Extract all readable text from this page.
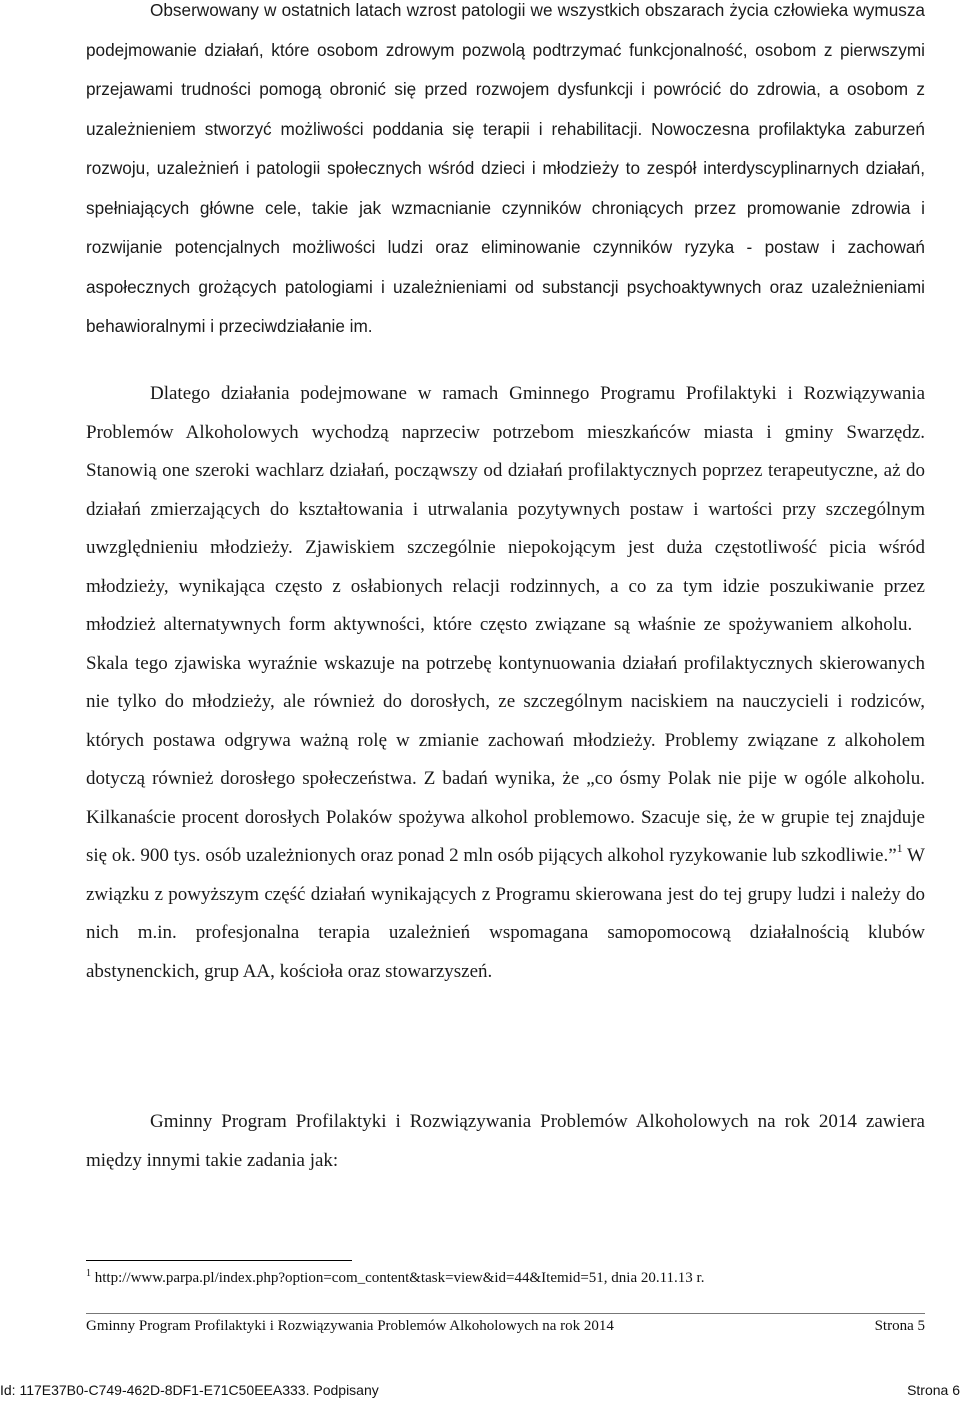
Obserwowany w ostatnich latach wzrost patologii we wszystkich obszarach życia człowieka wymusza podejmowanie działań, które osobom zdrowym pozwolą podtrzymać funkcjonalność, osobom z pierwszymi przejawami trudności pomogą obronić się przed rozwojem dysfunkcji i powrócić do zdrowia, a osobom z uzależnieniem stworzyć możliwości poddania się terapii i rehabilitacji. Nowoczesna profilaktyka zaburzeń rozwoju, uzależnień i patologii społecznych wśród dzieci i młodzieży to zespół interdyscyplinarnych działań, spełniających główne cele, takie jak wzmacnianie czynników chroniących przez promowanie zdrowia i rozwijanie potencjalnych możliwości ludzi oraz eliminowanie czynników ryzyka - postaw i zachowań aspołecznych grożących patologiami i uzależnieniami od substancji psychoaktywnych oraz uzależnieniami behawioralnymi i przeciwdziałanie im.

Dlatego działania podejmowane w ramach Gminnego Programu Profilaktyki i Rozwiązywania Problemów Alkoholowych wychodzą naprzeciw potrzebom mieszkańców miasta i gminy Swarzędz. Stanowią one szeroki wachlarz działań, począwszy od działań profilaktycznych poprzez terapeutyczne, aż do działań zmierzających do kształtowania i utrwalania pozytywnych postaw i wartości przy szczególnym uwzględnieniu młodzieży. Zjawiskiem szczególnie niepokojącym jest duża częstotliwość picia wśród młodzieży, wynikająca często z osłabionych relacji rodzinnych, a co za tym idzie poszukiwanie przez młodzież alternatywnych form aktywności, które często związane są właśnie ze spożywaniem alkoholu.   Skala tego zjawiska wyraźnie wskazuje na potrzebę kontynuowania działań profilaktycznych skierowanych nie tylko do młodzieży, ale również do dorosłych, ze szczególnym naciskiem na nauczycieli i rodziców, których postawa odgrywa ważną rolę w zmianie zachowań młodzieży. Problemy związane z alkoholem dotyczą również dorosłego społeczeństwa. Z badań wynika, że „co ósmy Polak nie pije w ogóle alkoholu. Kilkanaście procent dorosłych Polaków spożywa alkohol problemowo. Szacuje się, że w grupie tej znajduje się ok. 900 tys. osób uzależnionych oraz ponad 2 mln osób pijących alkohol ryzykowanie lub szkodliwie.”$^1$ W związku z powyższym część działań wynikających z Programu skierowana jest do tej grupy ludzi i należy do nich m.in. profesjonalna terapia uzależnień wspomagana samopomocową działalnością klubów abstynenckich, grup AA, kościoła oraz stowarzyszeń.

Gminny Program Profilaktyki i Rozwiązywania Problemów Alkoholowych na rok 2014 zawiera między innymi takie zadania jak:

$^1$ http://www.parpa.pl/index.php?option=com_content&task=view&id=44&Itemid=51, dnia 20.11.13 r.
Gminny Program Profilaktyki i Rozwiązywania Problemów Alkoholowych na rok 2014	Strona 5
Id: 117E37B0-C749-462D-8DF1-E71C50EEA333. Podpisany	Strona 6
